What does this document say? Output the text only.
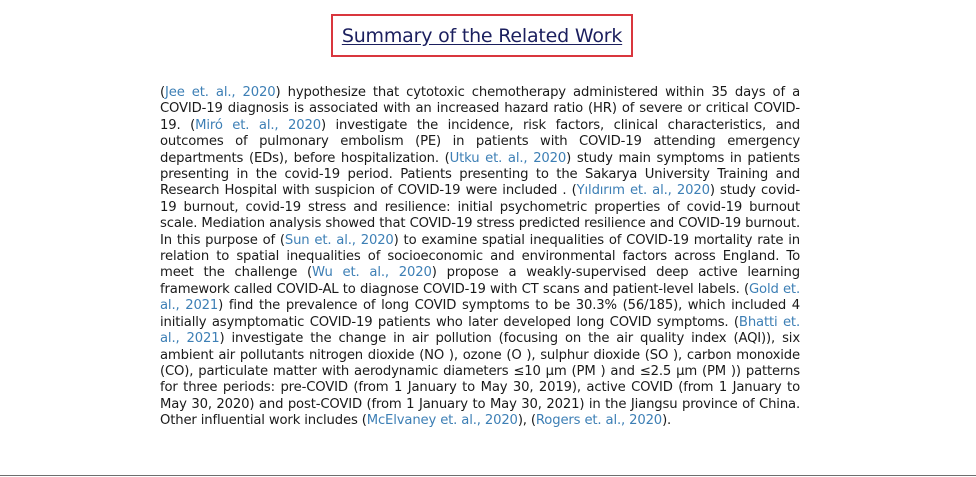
Summary of the Related Work

(Jee et. al., 2020) hypothesize that cytotoxic chemotherapy administered within 35 days of a COVID-19 diagnosis is associated with an increased hazard ratio (HR) of severe or critical COVID-19. (Miró et. al., 2020) investigate the incidence, risk factors, clinical characteristics, and outcomes of pulmonary embolism (PE) in patients with COVID-19 attending emergency departments (EDs), before hospitalization. (Utku et. al., 2020) study main symptoms in patients presenting in the covid-19 period. Patients presenting to the Sakarya University Training and Research Hospital with suspicion of COVID-19 were included . (Yıldırım et. al., 2020) study covid-19 burnout, covid-19 stress and resilience: initial psychometric properties of covid-19 burnout scale. Mediation analysis showed that COVID-19 stress predicted resilience and COVID-19 burnout. In this purpose of (Sun et. al., 2020) to examine spatial inequalities of COVID-19 mortality rate in relation to spatial inequalities of socioeconomic and environmental factors across England. To meet the challenge (Wu et. al., 2020) propose a weakly-supervised deep active learning framework called COVID-AL to diagnose COVID-19 with CT scans and patient-level labels. (Gold et. al., 2021) find the prevalence of long COVID symptoms to be 30.3% (56/185), which included 4 initially asymptomatic COVID-19 patients who later developed long COVID symptoms. (Bhatti et. al., 2021) investigate the change in air pollution (focusing on the air quality index (AQI)), six ambient air pollutants nitrogen dioxide (NO ), ozone (O ), sulphur dioxide (SO ), carbon monoxide (CO), particulate matter with aerodynamic diameters ≤10 μm (PM ) and ≤2.5 μm (PM )) patterns for three periods: pre-COVID (from 1 January to May 30, 2019), active COVID (from 1 January to May 30, 2020) and post-COVID (from 1 January to May 30, 2021) in the Jiangsu province of China. Other influential work includes (McElvaney et. al., 2020), (Rogers et. al., 2020).
